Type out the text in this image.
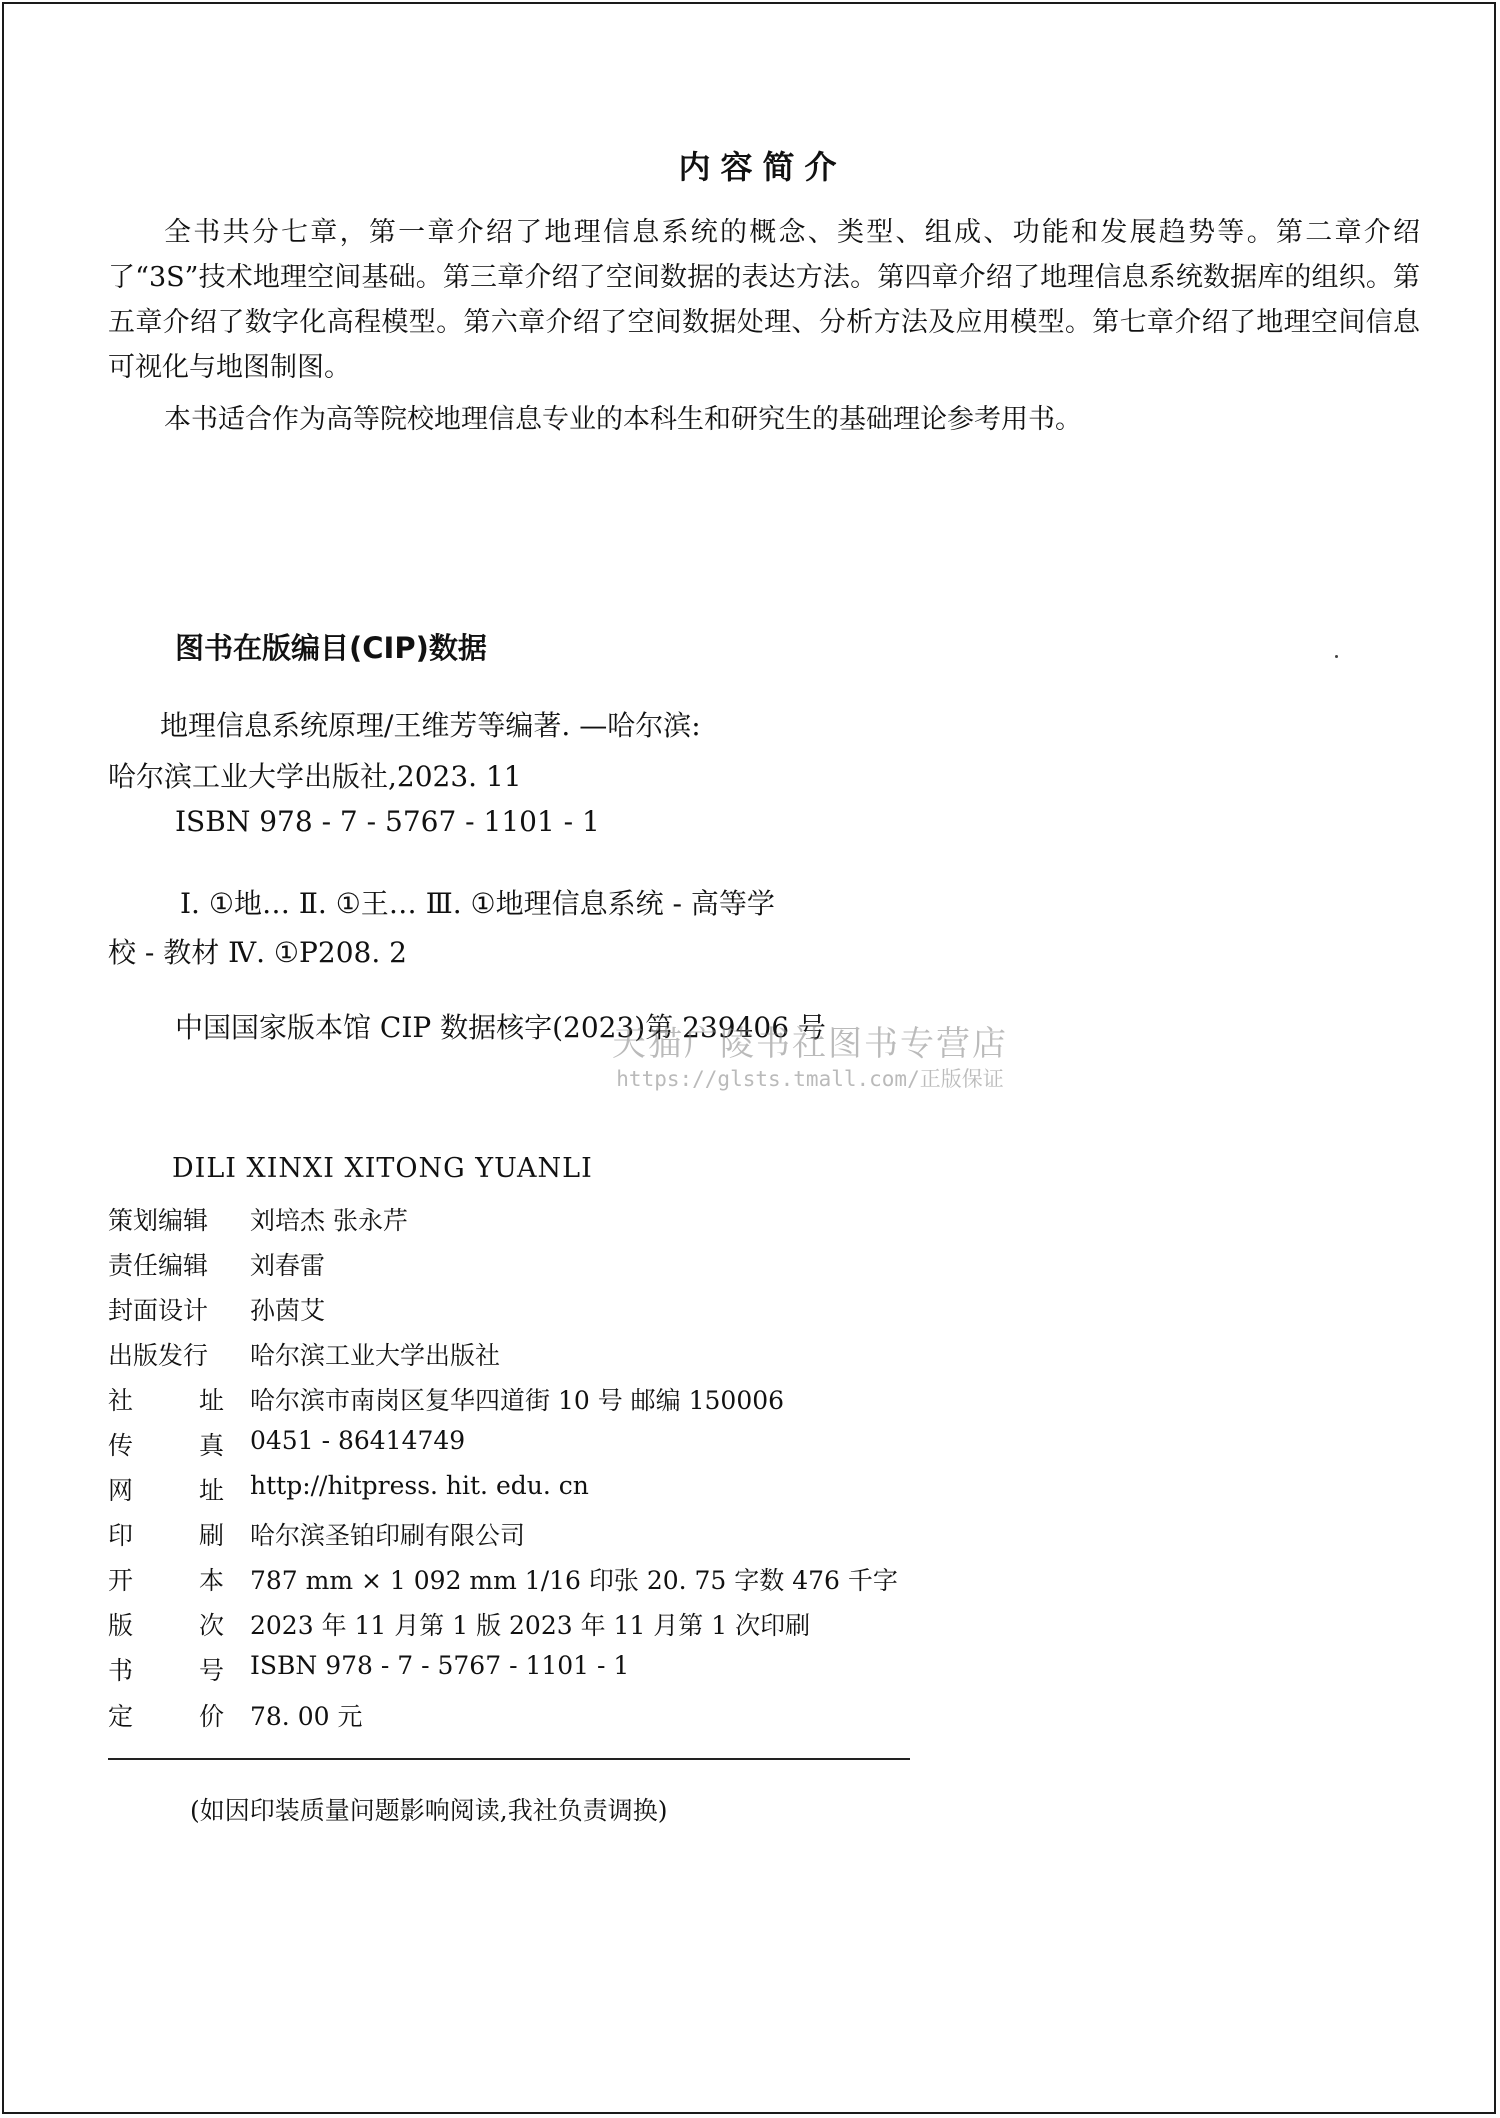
内容简介
全书共分七章，第一章介绍了地理信息系统的概念、类型、组成、功能和发展趋势等。第二章介绍了“3S”技术地理空间基础。第三章介绍了空间数据的表达方法。第四章介绍了地理信息系统数据库的组织。第五章介绍了数字化高程模型。第六章介绍了空间数据处理、分析方法及应用模型。第七章介绍了地理空间信息可视化与地图制图。
本书适合作为高等院校地理信息专业的本科生和研究生的基础理论参考用书。
图书在版编目(CIP)数据
地理信息系统原理/王维芳等编著. —哈尔滨:
哈尔滨工业大学出版社,2023. 11
ISBN 978 - 7 - 5767 - 1101 - 1
Ⅰ. ①地… Ⅱ. ①王… Ⅲ. ①地理信息系统 - 高等学
校 - 教材 Ⅳ. ①P208. 2
中国国家版本馆 CIP 数据核字(2023)第 239406 号
天猫广陵书社图书专营店
https://glsts.tmall.com/正版保证
DILI XINXI XITONG YUANLI
策划编辑	刘培杰 张永芹
责任编辑	刘春雷
封面设计	孙茵艾
出版发行	哈尔滨工业大学出版社
社	址 哈尔滨市南岗区复华四道街 10 号 邮编 150006
传	真 0451 - 86414749
网	址 http://hitpress. hit. edu. cn
印	刷 哈尔滨圣铂印刷有限公司
开	本 787 mm × 1 092 mm 1/16 印张 20. 75 字数 476 千字
版	次 2023 年 11 月第 1 版 2023 年 11 月第 1 次印刷
书	号 ISBN 978 - 7 - 5767 - 1101 - 1
定	价 78. 00 元
(如因印装质量问题影响阅读,我社负责调换)
